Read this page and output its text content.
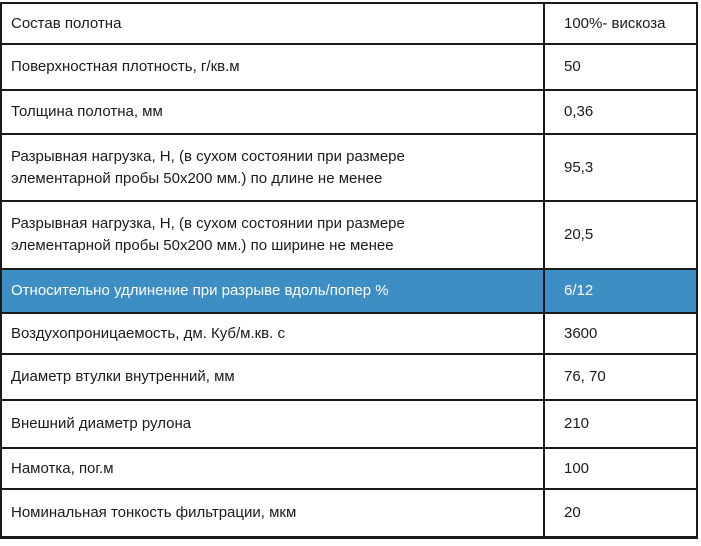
Состав полотна	100%- вискоза
Поверхностная плотность, г/кв.м	50
Толщина полотна, мм	0,36
Разрывная нагрузка, Н, (в сухом состоянии при размере элементарной пробы 50х200 мм.) по длине не менее	95,3
Разрывная нагрузка, Н, (в сухом состоянии при размере элементарной пробы 50х200 мм.) по ширине не менее	20,5
Относительно удлинение при разрыве вдоль/попер %	6/12
Воздухопроницаемость, дм. Куб/м.кв. с	3600
Диаметр втулки внутренний, мм	76, 70
Внешний диаметр рулона	210
Намотка, пог.м	100
Номинальная тонкость фильтрации, мкм	20
